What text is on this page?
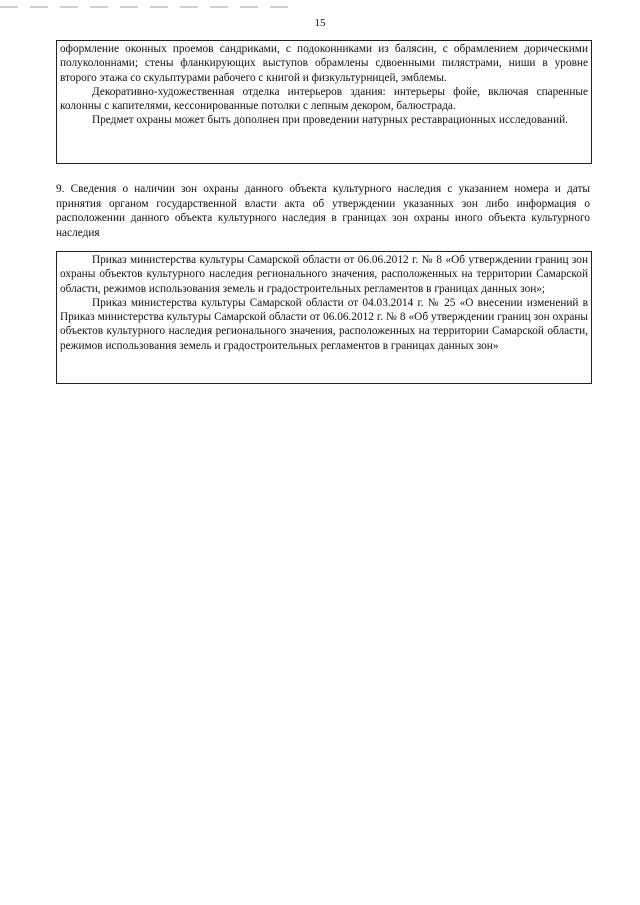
15

оформление оконных проемов сандриками, с подоконниками из балясин, с обрамлением дорическими полуколоннами; стены фланкирующих выступов обрамлены сдвоенными пилястрами, ниши в уровне второго этажа со скульптурами рабочего с книгой и физкультурницей, эмблемы.

Декоративно-художественная отделка интерьеров здания: интерьеры фойе, включая спаренные колонны с капителями, кессонированные потолки с лепным декором, балюстрада.

Предмет охраны может быть дополнен при проведении натурных реставрационных исследований.

9. Сведения о наличии зон охраны данного объекта культурного наследия с указанием номера и даты принятия органом государственной власти акта об утверждении указанных зон либо информация о расположении данного объекта культурного наследия в границах зон охраны иного объекта культурного наследия

Приказ министерства культуры Самарской области от 06.06.2012 г. № 8 «Об утверждении границ зон охраны объектов культурного наследия регионального значения, расположенных на территории Самарской области, режимов использования земель и градостроительных регламентов в границах данных зон»;

Приказ министерства культуры Самарской области от 04.03.2014 г. № 25 «О внесении изменений в Приказ министерства культуры Самарской области от 06.06.2012 г. № 8 «Об утверждении границ зон охраны объектов культурного наследия регионального значения, расположенных на территории Самарской области, режимов использования земель и градостроительных регламентов в границах данных зон»
